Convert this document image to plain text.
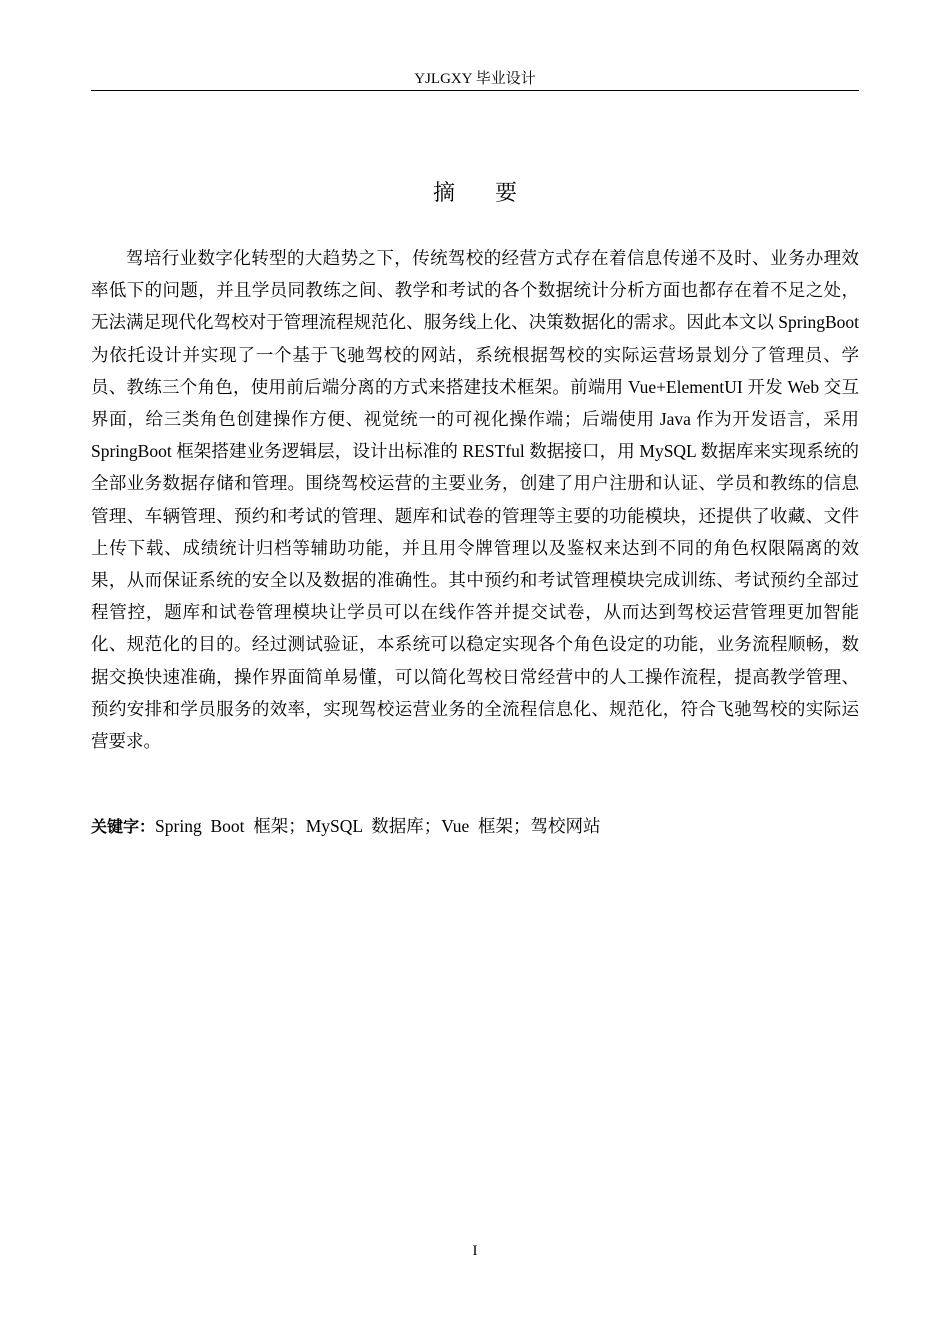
YJLGXY 毕业设计
摘要

驾培行业数字化转型的大趋势之下，传统驾校的经营方式存在着信息传递不及时、业务办理效率低下的问题，并且学员同教练之间、教学和考试的各个数据统计分析方面也都存在着不足之处，无法满足现代化驾校对于管理流程规范化、服务线上化、决策数据化的需求。因此本文以 SpringBoot 为依托设计并实现了一个基于飞驰驾校的网站，系统根据驾校的实际运营场景划分了管理员、学员、教练三个角色，使用前后端分离的方式来搭建技术框架。前端用 Vue+ElementUI 开发 Web 交互界面，给三类角色创建操作方便、视觉统一的可视化操作端；后端使用 Java 作为开发语言，采用 SpringBoot 框架搭建业务逻辑层，设计出标准的 RESTful 数据接口，用 MySQL 数据库来实现系统的全部业务数据存储和管理。围绕驾校运营的主要业务，创建了用户注册和认证、学员和教练的信息管理、车辆管理、预约和考试的管理、题库和试卷的管理等主要的功能模块，还提供了收藏、文件上传下载、成绩统计归档等辅助功能，并且用令牌管理以及鉴权来达到不同的角色权限隔离的效果，从而保证系统的安全以及数据的准确性。其中预约和考试管理模块完成训练、考试预约全部过程管控，题库和试卷管理模块让学员可以在线作答并提交试卷，从而达到驾校运营管理更加智能化、规范化的目的。经过测试验证，本系统可以稳定实现各个角色设定的功能，业务流程顺畅，数据交换快速准确，操作界面简单易懂，可以简化驾校日常经营中的人工操作流程，提高教学管理、预约安排和学员服务的效率，实现驾校运营业务的全流程信息化、规范化，符合飞驰驾校的实际运营要求。

关键字：Spring  Boot  框架；MySQL  数据库；Vue  框架；驾校网站

I
